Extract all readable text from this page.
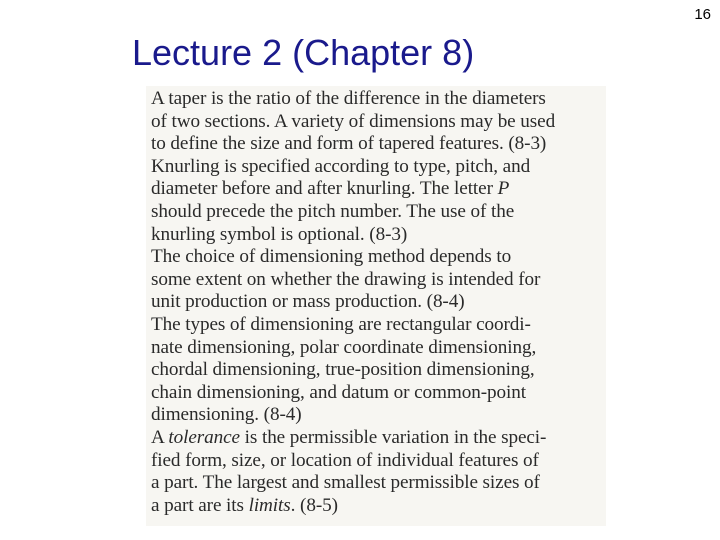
16
Lecture 2 (Chapter 8)
A taper is the ratio of the difference in the diameters
of two sections. A variety of dimensions may be used
to define the size and form of tapered features. (8-3)
Knurling is specified according to type, pitch, and
diameter before and after knurling. The letter P
should precede the pitch number. The use of the
knurling symbol is optional. (8-3)
The choice of dimensioning method depends to
some extent on whether the drawing is intended for
unit production or mass production. (8-4)
The types of dimensioning are rectangular coordi-
nate dimensioning, polar coordinate dimensioning,
chordal dimensioning, true-position dimensioning,
chain dimensioning, and datum or common-point
dimensioning. (8-4)
A tolerance is the permissible variation in the speci-
fied form, size, or location of individual features of
a part. The largest and smallest permissible sizes of
a part are its limits. (8-5)
